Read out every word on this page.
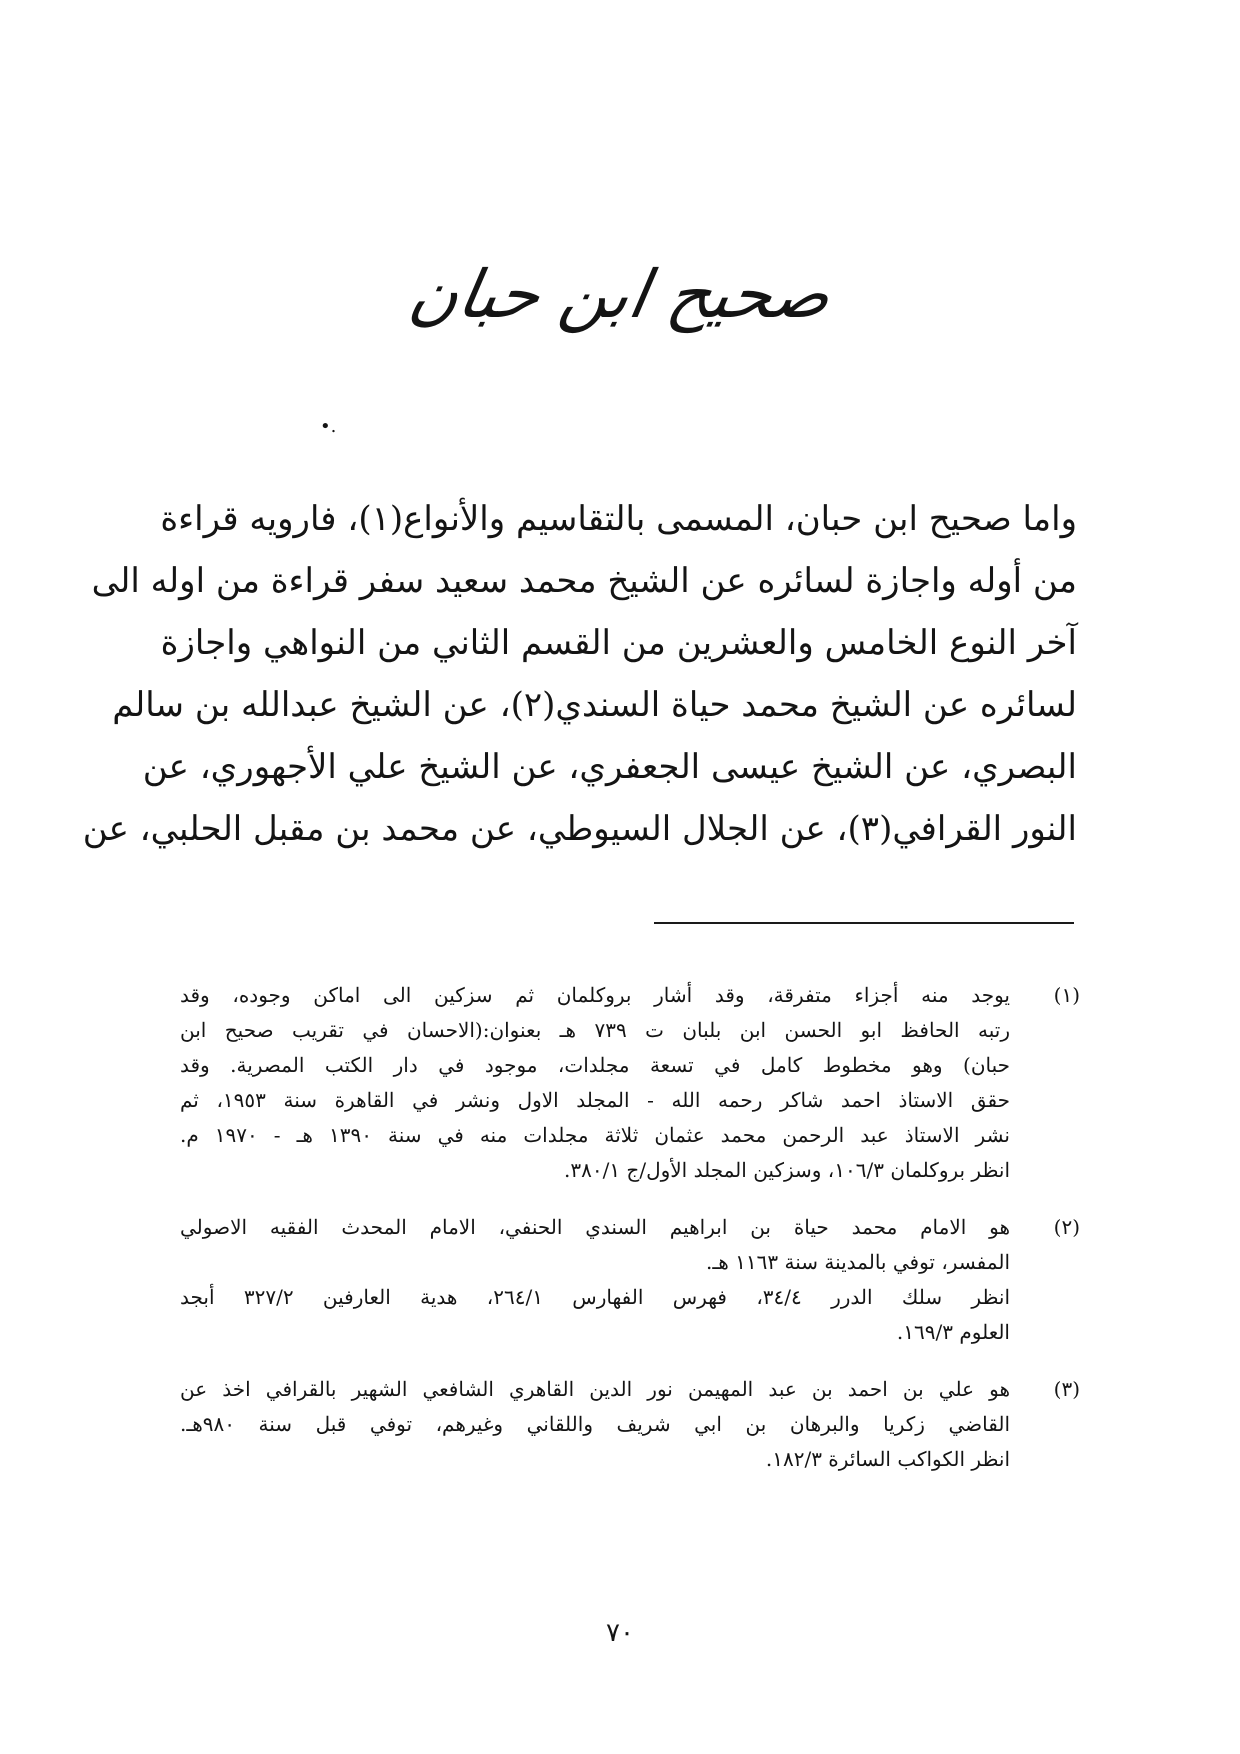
صحيح ابن حبان
•.
واما صحيح ابن حبان، المسمى بالتقاسيم والأنواع(١)، فارويه قراءة
من أوله واجازة لسائره عن الشيخ محمد سعيد سفر قراءة من اوله الى
آخر النوع الخامس والعشرين من القسم الثاني من النواهي واجازة
لسائره عن الشيخ محمد حياة السندي(٢)، عن الشيخ عبدالله بن سالم
البصري، عن الشيخ عيسى الجعفري، عن الشيخ علي الأجهوري، عن
النور القرافي(٣)، عن الجلال السيوطي، عن محمد بن مقبل الحلبي، عن
(١)
يوجد منه أجزاء متفرقة، وقد أشار بروكلمان ثم سزكين الى اماكن وجوده، وقد
رتبه الحافظ ابو الحسن ابن بلبان ت ٧٣٩ هـ بعنوان:(الاحسان في تقريب صحيح ابن
حبان) وهو مخطوط كامل في تسعة مجلدات، موجود في دار الكتب المصرية. وقد
حقق الاستاذ احمد شاكر رحمه الله - المجلد الاول ونشر في القاهرة سنة ١٩٥٣، ثم
نشر الاستاذ عبد الرحمن محمد عثمان ثلاثة مجلدات منه في سنة ١٣٩٠ هـ - ١٩٧٠ م.
انظر بروكلمان ١٠٦/٣، وسزكين المجلد الأول/ج ٣٨٠/١.
(٢)
هو الامام محمد حياة بن ابراهيم السندي الحنفي، الامام المحدث الفقيه الاصولي
المفسر، توفي بالمدينة سنة ١١٦٣ هـ.
انظر سلك الدرر ٣٤/٤، فهرس الفهارس ٢٦٤/١، هدية العارفين ٣٢٧/٢ أبجد
العلوم ١٦٩/٣.
(٣)
هو علي بن احمد بن عبد المهيمن نور الدين القاهري الشافعي الشهير بالقرافي اخذ عن
القاضي زكريا والبرهان بن ابي شريف واللقاني وغيرهم، توفي قبل سنة ٩٨٠هـ.
انظر الكواكب السائرة ١٨٢/٣.
٧٠
